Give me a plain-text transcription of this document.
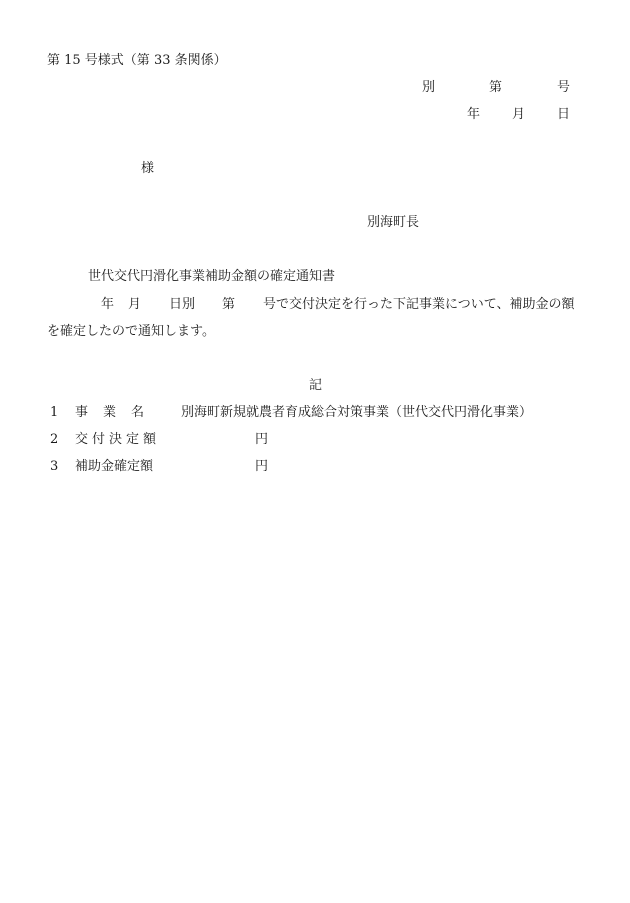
第 15 号様式（第 33 条関係）
別	第	号
年 月 日
様
別海町長
世代交代円滑化事業補助金額の確定通知書
年 月 日別 第 号で交付決定を行った下記事業について、補助金の額
を確定したので通知します。
記
1 事業名 別海町新規就農者育成総合対策事業（世代交代円滑化事業）
2 交付決定額	円
3 補助金確定額	円
